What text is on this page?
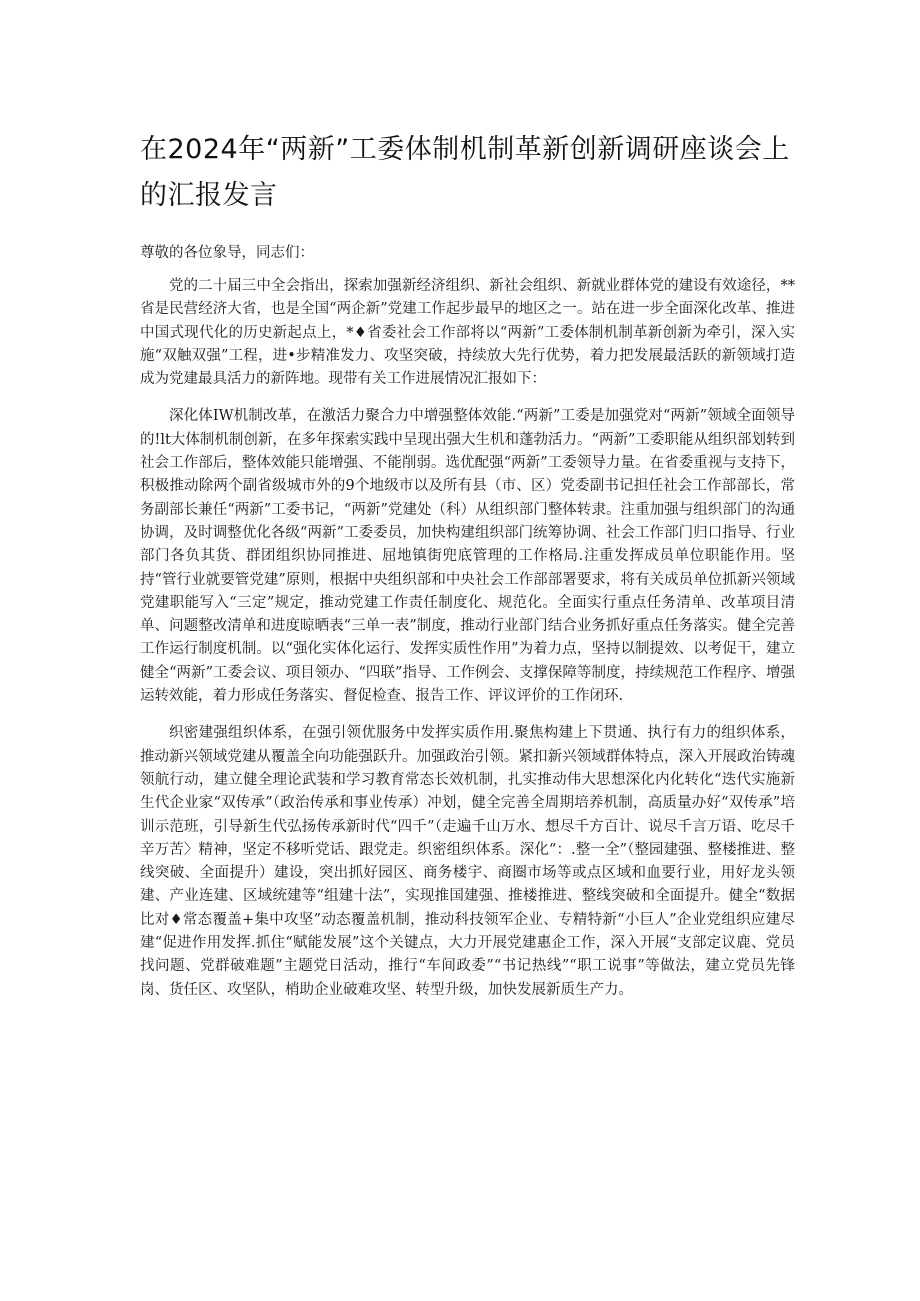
在2024年“两新”工委体制机制革新创新调研座谈会上的汇报发言

尊敬的各位象导，同志们：

党的二十届三中全会指出，探索加强新经济组织、新社会组织、新就业群体党的建设有效途径，**省是民营经济大省，也是全国“两企新”党建工作起步最早的地区之一。站在进一步全面深化改革、推进中国式现代化的历史新起点上，*♦省委社会工作部将以“两新”工委体制机制革新创新为牵引，深入实施“双触双强”工程，进•步精准发力、攻坚突破，持续放大先行优势，着力把发展最活跃的新领域打造成为党建最具活力的新阵地。现带有关工作进展情况汇报如下：

深化体IW机制改革，在激活力聚合力中增强整体效能.“两新”工委是加强党对“两新”领域全面领导的!lt大体制机制创新，在多年探索实践中呈现出强大生机和蓬勃活力。“两新”工委职能从组织部划转到社会工作部后，整体效能只能增强、不能削弱。选优配强“两新”工委领导力量。在省委重视与支持下，积极推动除两个副省级城市外的9个地级市以及所有县（市、区）党委副书记担任社会工作部部长，常务副部长兼任“两新”工委书记，“两新”党建处（科）从组织部门整体转隶。注重加强与组织部门的沟通协调，及时调整优化各级“两新”工委委员，加快构建组织部门统筹协调、社会工作部门归口指导、行业部门各负其货、群团组织协同推进、屈地镇街兜底管理的工作格局.注重发挥成员单位职能作用。坚持“管行业就要管党建”原则，根据中央组织部和中央社会工作部部署要求，将有关成员单位抓新兴领域党建职能写入“三定”规定，推动党建工作责任制度化、规范化。全面实行重点任务清单、改革项目清单、问题整改清单和进度晾晒表“三单一表”制度，推动行业部门结合业务抓好重点任务落实。健全完善工作运行制度机制。以“强化实体化运行、发挥实质性作用”为着力点，坚持以制提效、以考促干，建立健全“两新”工委会议、项目领办、“四联”指导、工作例会、支撑保障等制度，持续规范工作程序、增强运转效能，着力形成任务落实、督促检查、报告工作、评议评价的工作闭环.

织密建强组织体系，在强引领优服务中发挥实质作用.聚焦构建上下贯通、执行有力的组织体系，推动新兴领域党建从覆盖全向功能强跃升。加强政治引领。紧扣新兴领域群体特点，深入开展政治铸魂领航行动，建立健全理论武装和学习教育常态长效机制，扎实推动伟大思想深化内化转化“迭代实施新生代企业家“双传承”（政治传承和事业传承）冲划，健全完善全周期培养机制，高质量办好“双传承”培训示范班，引导新生代弘扬传承新时代“四千”（走遍千山万水、想尽千方百计、说尽千言万语、吃尽千辛万苦〉精神，坚定不移听党话、跟党走。织密组织体系。深化“：.整一全”（整园建强、整楼推进、整线突破、全面提升）建设，突出抓好园区、商务楼宇、商圈市场等或点区域和血要行业，用好龙头领建、产业连建、区域统建等“组建十法”，实现推国建强、推楼推进、整线突破和全面提升。健全“数据比对♦常态覆盖+集中攻坚”动态覆盖机制，推动科技领军企业、专精特新“小巨人”企业党组织应建尽建“促进作用发挥.抓住“赋能发展”这个关键点，大力开展党建惠企工作，深入开展“支部定议鹿、党员找问题、党群破难题”主题党日活动，推行“车间政委”“书记热线”“职工说事”等做法，建立党员先锋岗、货任区、攻坚队，梢助企业破难攻坚、转型升级，加快发展新质生产力。
